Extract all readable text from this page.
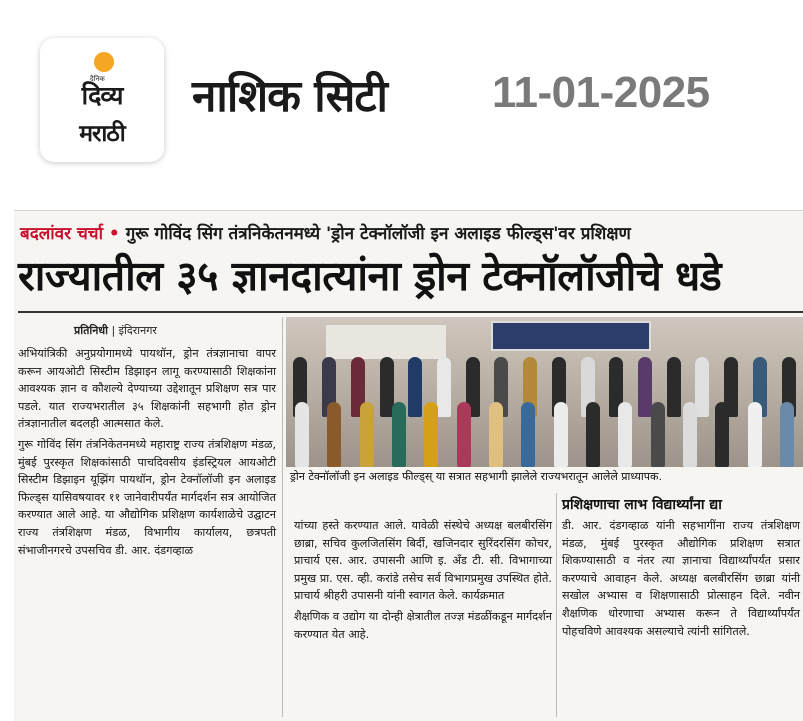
दैनिक
दिव्य
मराठी
नाशिक सिटी 11-01-2025
बदलांवर चर्चा • गुरू गोविंद सिंग तंत्रनिकेतनमध्ये 'ड्रोन टेक्नॉलॉजी इन अलाइड फील्ड्स'वर प्रशिक्षण
राज्यातील ३५ ज्ञानदात्यांना ड्रोन टेक्नॉलॉजीचे धडे
प्रतिनिधी | इंदिरानगर
ड्रोन टेक्नॉलॉजी इन अलाइड फील्ड्स् या सत्रात सहभागी झालेले राज्यभरातून आलेले प्राध्यापक.

अभियांत्रिकी अनुप्रयोगामध्ये पायथॉन, ड्रोन तंत्रज्ञानाचा वापर करून आयओटी सिस्टीम डिझाइन लागू करण्यासाठी शिक्षकांना आवश्यक ज्ञान व कौशल्ये देण्याच्या उद्देशातून प्रशिक्षण सत्र पार पडले. यात राज्यभरातील ३५ शिक्षकांनी सहभागी होत ड्रोन तंत्रज्ञानातील बदलही आत्मसात केले.

गुरू गोविंद सिंग तंत्रनिकेतनमध्ये महाराष्ट्र राज्य तंत्रशिक्षण मंडळ, मुंबई पुरस्कृत शिक्षकांसाठी पाचदिवसीय इंडस्ट्रियल आयओटी सिस्टीम डिझाइन यूझिंग पायथॉन, ड्रोन टेक्नॉलॉजी इन अलाइड फिल्ड्स यासिवषयावर ११ जानेवारीपर्यंत मार्गदर्शन सत्र आयोजित करण्यात आले आहे. या औद्योगिक प्रशिक्षण कार्यशाळेचे उद्घाटन राज्य तंत्रशिक्षण मंडळ, विभागीय कार्यालय, छत्रपती संभाजीनगरचे उपसचिव डी. आर. दंडगव्हाळ

यांच्या हस्ते करण्यात आले. यावेळी संस्थेचे अध्यक्ष बलबीरसिंग छाब्रा, सचिव कुलजितसिंग बिर्दी, खजिनदार सुरिंदरसिंग कोचर, प्राचार्य एस. आर. उपासनी आणि इ. अँड टी. सी. विभागाच्या प्रमुख प्रा. एस. व्ही. करांडे तसेच सर्व विभागप्रमुख उपस्थित होते. प्राचार्य श्रीहरी उपासनी यांनी स्वागत केले. कार्यक्रमात

शैक्षणिक व उद्योग या दोन्ही क्षेत्रातील तज्ज्ञ मंडळींकडून मार्गदर्शन करण्यात येत आहे.

प्रशिक्षणाचा लाभ विद्यार्थ्यांना द्या

डी. आर. दंडगव्हाळ यांनी सहभागींना राज्य तंत्रशिक्षण मंडळ, मुंबई पुरस्कृत औद्योगिक प्रशिक्षण सत्रात शिकण्यासाठी व नंतर त्या ज्ञानाचा विद्यार्थ्यांपर्यंत प्रसार करण्याचे आवाहन केले. अध्यक्ष बलबीरसिंग छाब्रा यांनी सखोल अभ्यास व शिक्षणासाठी प्रोत्साहन दिले. नवीन शैक्षणिक धोरणाचा अभ्यास करून ते विद्यार्थ्यांपर्यंत पोहचविणे आवश्यक असल्याचे त्यांनी सांगितले.
